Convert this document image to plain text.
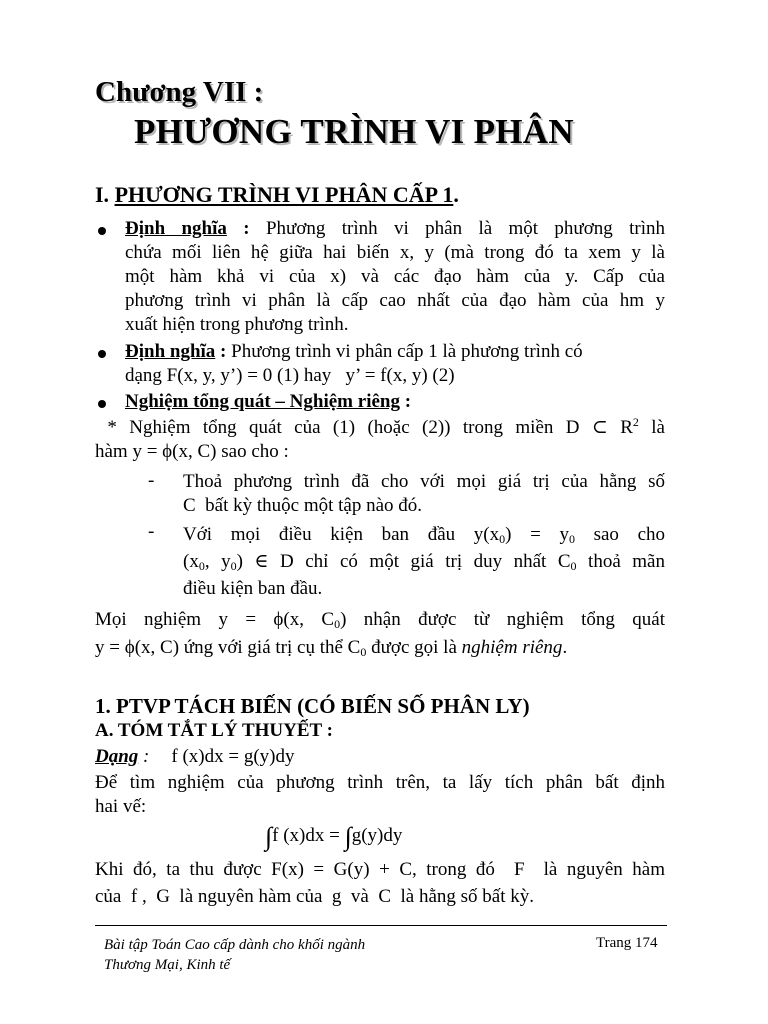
Chương VII :
PHƯƠNG TRÌNH VI PHÂN
I. PHƯƠNG TRÌNH VI PHÂN CẤP 1.
Định nghĩa : Phương trình vi phân là một phương trình
chứa mối liên hệ giữa hai biến x, y (mà trong đó ta xem y là
một hàm khả vi của x) và các đạo hàm của y. Cấp của
phương trình vi phân là cấp cao nhất của đạo hàm của hm y
xuất hiện trong phương trình.
Định nghĩa : Phương trình vi phân cấp 1 là phương trình có
dạng F(x, y, y’) = 0 (1) hay   y’ = f(x, y) (2)
Nghiệm tổng quát – Nghiệm riêng :
* Nghiệm tổng quát của (1) (hoặc (2)) trong miền D ⊂ $R^2$ là
hàm y = ϕ(x, C) sao cho :
- Thoả phương trình đã cho với mọi giá trị của hằng số
C  bất kỳ thuộc một tập nào đó.
- Với mọi điều kiện ban đầu $y(x_0) = y_0$ sao cho
($x_0$, $y_0$) ∈ D chỉ có một giá trị duy nhất $C_0$ thoả mãn
điều kiện ban đầu.
Mọi nghiệm y = ϕ(x, $C_0$) nhận được từ nghiệm tổng quát
y = ϕ(x, C) ứng với giá trị cụ thể $C_0$ được gọi là nghiệm riêng.
1. PTVP TÁCH BIẾN (CÓ BIẾN SỐ PHÂN LY)
A. TÓM TẮT LÝ THUYẾT :
Dạng : f (x)dx = g(y)dy
Để tìm nghiệm của phương trình trên, ta lấy tích phân bất định
hai vế:
∫f (x)dx = ∫g(y)dy
Khi đó, ta thu được F(x) = G(y) + C, trong đó  F  là nguyên hàm
của  f ,  G  là nguyên hàm của  g  và  C  là hằng số bất kỳ.
Bài tập Toán Cao cấp dành cho khối ngành
Thương Mại, Kinh tế
Trang 174
